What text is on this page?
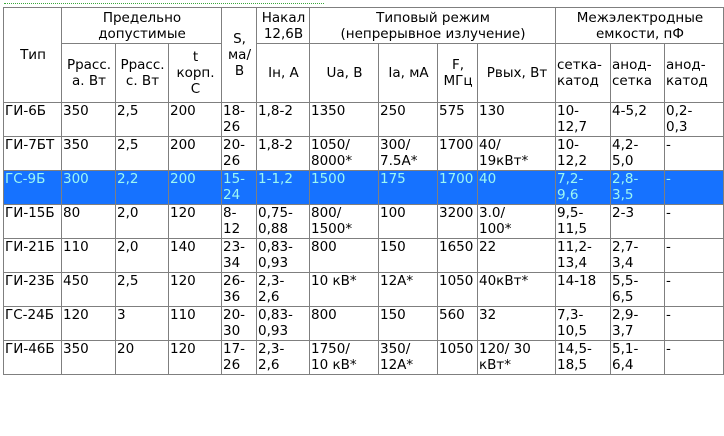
Тип	Предельно
допустимые			S,
ма/
В	Накал
12,6В	Типовый режим
(непрерывное излучение)				Межэлектродные
емкости, пФ		
	Pрасс.
а. Вт	Pрасс.
с. Вт	t
корп.
C		Iн, А	Uа, В	Iа, мА	F,
МГц	Pвых, Вт	сетка-
катод	анод-
сетка	анод-
катод
ГИ-6Б	350	2,5	200	18-
26	1,8-2	1350	250	575	130	10-
12,7	4-5,2	0,2-
0,3
ГИ-7БТ	350	2,5	200	20-
26	1,8-2	1050/
8000*	300/
7.5А*	1700	40/
19кВт*	10-
12,2	4,2-
5,0	-
ГС-9Б	300	2,2	200	15-
24	1-1,2	1500	175	1700	40	7,2-
9,6	2,8-
3,5	-
ГИ-15Б	80	2,0	120	8-
12	0,75-
0,88	800/
1500*	100	3200	3.0/
100*	9,5-
11,5	2-3	-
ГИ-21Б	110	2,0	140	23-
34	0,83-
0,93	800	150	1650	22	11,2-
13,4	2,7-
3,4	-
ГИ-23Б	450	2,5	120	26-
36	2,3-
2,6	10 кВ*	12А*	1050	40кВт*	14-18	5,5-
6,5	-
ГС-24Б	120	3	110	20-
30	0,83-
0,93	800	150	560	32	7,3-
10,5	2,9-
3,7	-
ГИ-46Б	350	20	120	17-
26	2,3-
2,6	1750/
10 кВ*	350/
12А*	1050	120/ 30
кВт*	14,5-
18,5	5,1-
6,4	-
